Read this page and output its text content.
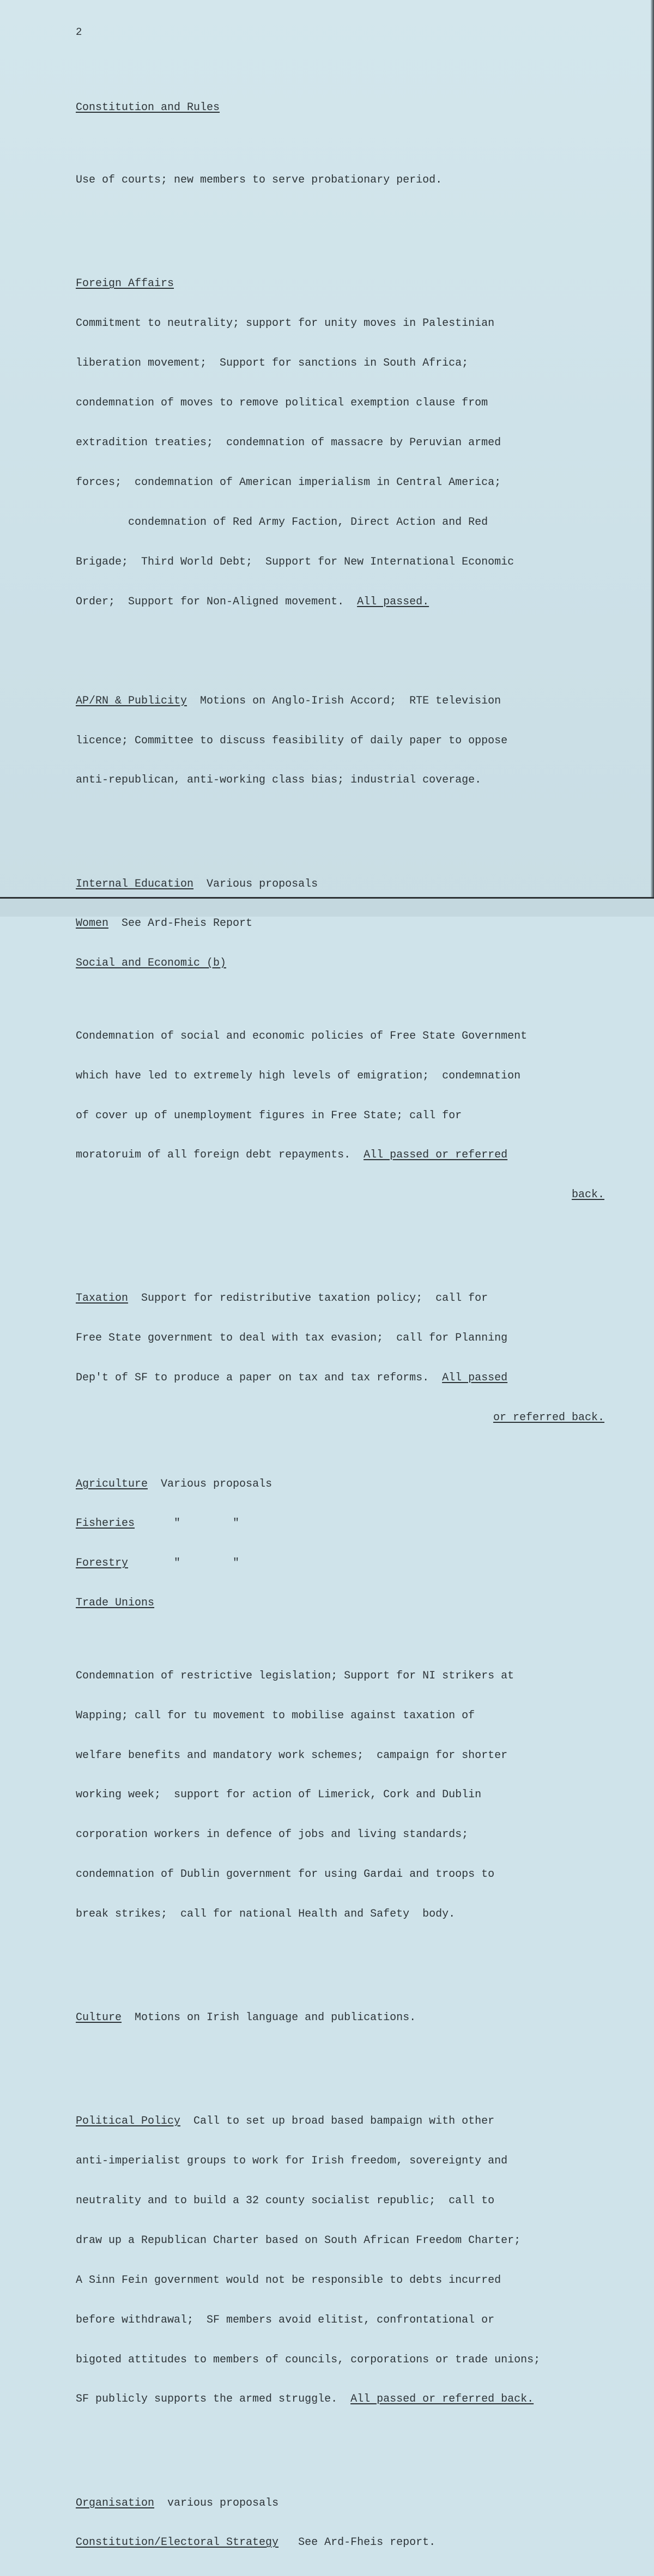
2

Constitution and Rules

Use of courts; new members to serve probationary period.

Foreign Affairs

Commitment to neutrality; support for unity moves in Palestinian

liberation movement;  Support for sanctions in South Africa;

condemnation of moves to remove political exemption clause from

extradition treaties;  condemnation of massacre by Peruvian armed

forces;  condemnation of American imperialism in Central America;

condemnation of Red Army Faction, Direct Action and Red

Brigade;  Third World Debt;  Support for New International Economic

Order;  Support for Non-Aligned movement.  All passed.

AP/RN & Publicity  Motions on Anglo-Irish Accord;  RTE television

licence; Committee to discuss feasibility of daily paper to oppose

anti-republican, anti-working class bias; industrial coverage.

Internal Education  Various proposals

Women  See Ard-Fheis Report

Social and Economic (b)

Condemnation of social and economic policies of Free State Government

which have led to extremely high levels of emigration;  condemnation

of cover up of unemployment figures in Free State; call for

moratoruim of all foreign debt repayments.  All passed or referred

back.

Taxation  Support for redistributive taxation policy;  call for

Free State government to deal with tax evasion;  call for Planning

Dep't of SF to produce a paper on tax and tax reforms.  All passed

or referred back.

Agriculture  Various proposals

Fisheries      "        "

Forestry       "        "

Trade Unions

Condemnation of restrictive legislation; Support for NI strikers at

Wapping; call for tu movement to mobilise against taxation of

welfare benefits and mandatory work schemes;  campaign for shorter

working week;  support for action of Limerick, Cork and Dublin

corporation workers in defence of jobs and living standards;

condemnation of Dublin government for using Gardai and troops to

break strikes;  call for national Health and Safety  body.

Culture  Motions on Irish language and publications.

Political Policy  Call to set up broad based bampaign with other

anti-imperialist groups to work for Irish freedom, sovereignty and

neutrality and to build a 32 county socialist republic;  call to

draw up a Republican Charter based on South African Freedom Charter;

A Sinn Fein government would not be responsible to debts incurred

before withdrawal;  SF members avoid elitist, confrontational or

bigoted attitudes to members of councils, corporations or trade unions;

SF publicly supports the armed struggle.  All passed or referred back.

Organisation  various proposals

Constitution/Electoral Strategy   See Ard-Fheis report.
